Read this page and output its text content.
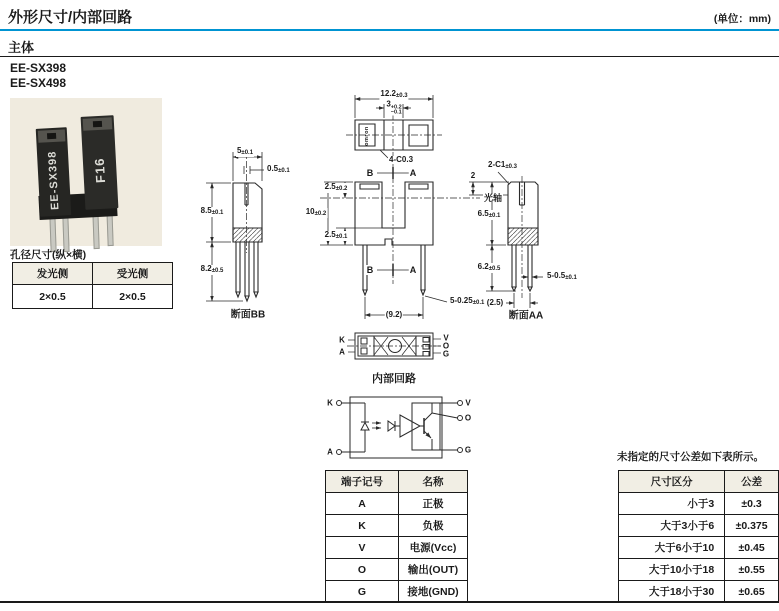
外形尺寸/内部回路	(单位：mm)
主体
EE-SX398
EE-SX498
EE-SX398	F16
孔径尺寸(纵×横)
发光侧	受光侧
2×0.5	2×0.5
omron
12.2±0.3
3 +0.2
−0.1
4-C0.3
5±0.1
0.5±0.1
8.5±0.1
8.2±0.5
断面BB
B	A
B	A
2.5±0.2
10±0.2
2.5±0.1
光轴
5-0.25±0.1
(9.2)
2-C1±0.3
2
6.5±0.1
6.2±0.5
5-0.5±0.1
(2.5)
断面AA
K
A
V
O
G
内部回路
K
A
V
O
G
端子记号	名称
A	正极
K	负极
V	电源(Vcc)
O	输出(OUT)
G	接地(GND)
未指定的尺寸公差如下表所示。
尺寸区分	公差
小于3	±0.3
大于3小于6	±0.375
大于6小于10	±0.45
大于10小于18	±0.55
大于18小于30	±0.65
